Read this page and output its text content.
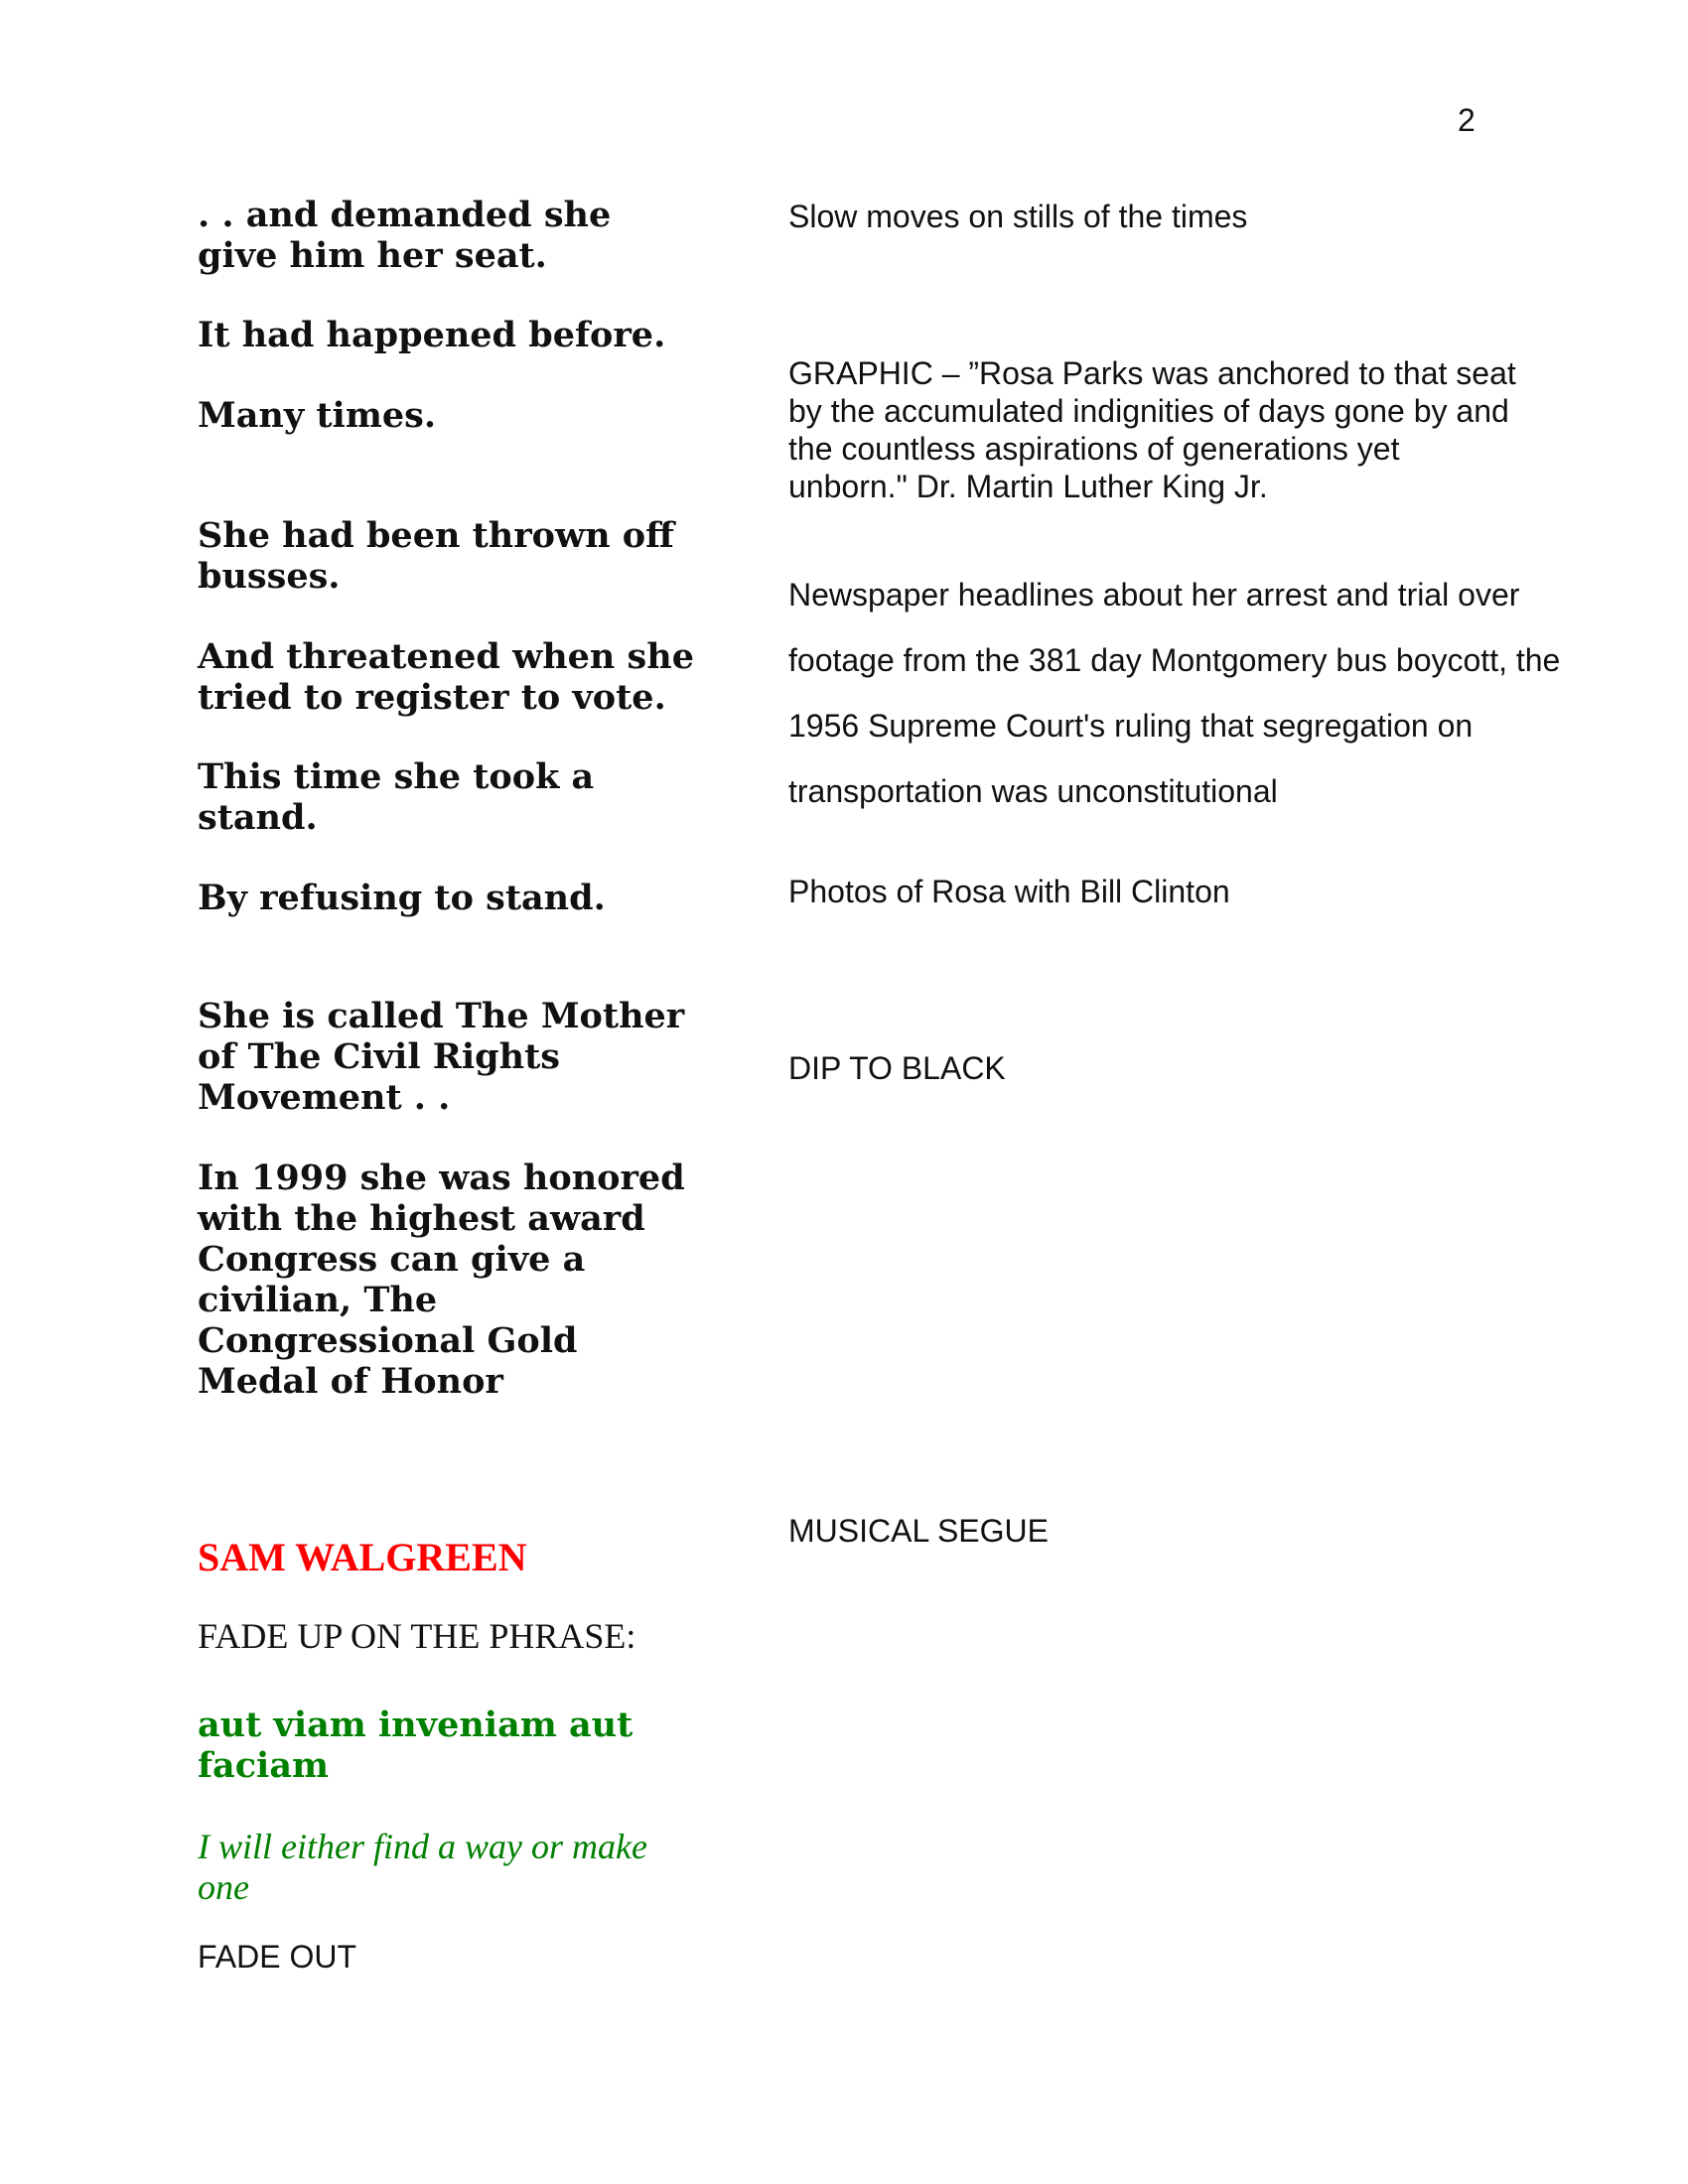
2
. . and demanded she give him her seat.
It had happened before.
Many times.
She had been thrown off busses.
And threatened when she tried to register to vote.
This time she took a stand.
By refusing to stand.
She is called The Mother of The Civil Rights Movement . .
In 1999 she was honored with the highest award Congress can give a civilian, The Congressional Gold Medal of Honor
Slow moves on stills of the times
GRAPHIC – ”Rosa Parks was anchored to that seat by the accumulated indignities of days gone by and the countless aspirations of generations yet unborn." Dr. Martin Luther King Jr.
Newspaper headlines about her arrest and trial over footage from the 381 day Montgomery bus boycott, the 1956 Supreme Court's ruling that segregation on transportation was unconstitutional
Photos of Rosa with Bill Clinton
DIP TO BLACK
MUSICAL SEGUE
SAM WALGREEN
FADE UP ON THE PHRASE:
aut viam inveniam aut faciam
I will either find a way or make one
FADE OUT
